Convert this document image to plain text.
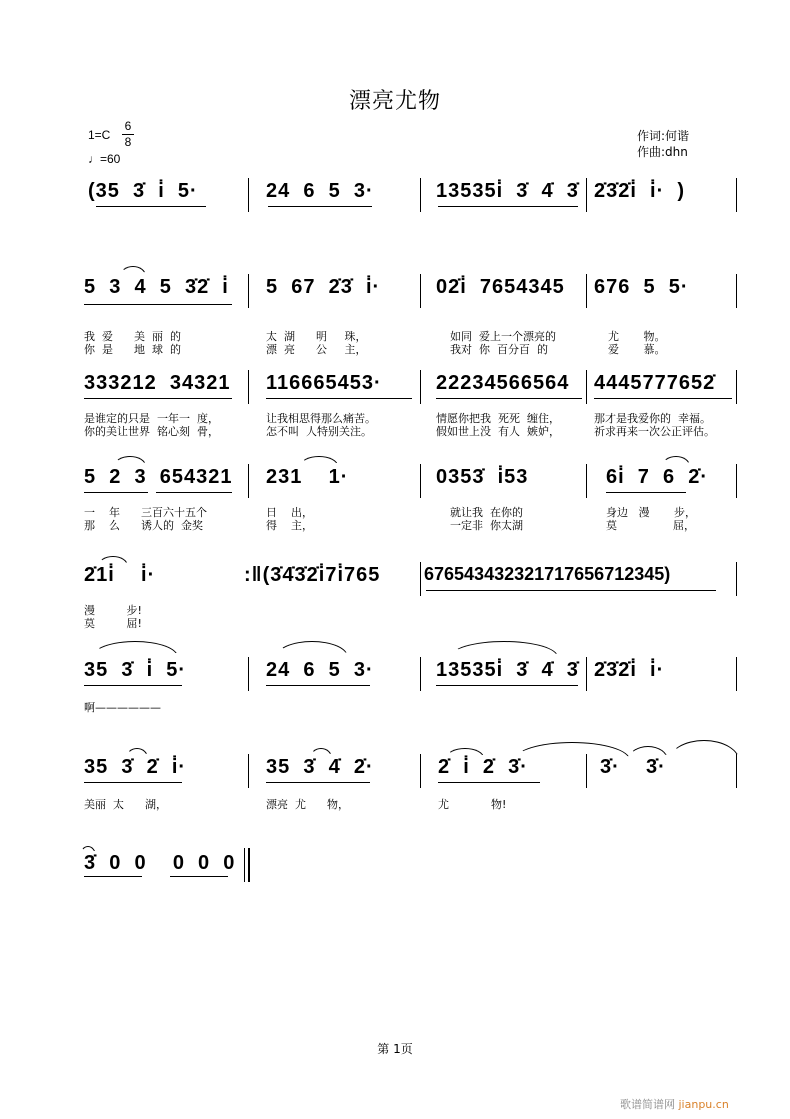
漂亮尤物
1=C
6
8
♩=60
作词:何谐
作曲:dhn
(35  3̇  i̇  5·	24  6  5  3·	13535i̇  3̇  4̇  3̇ 2̇3̇2̇i̇  i̇·  )
5  3  4  5  3̇2̇  i̇ 5  67  2̇3̇  i̇·	02̇i̇  7654345 676  5  5·
我  爱      美  丽  的	太  湖      明     珠，	如同  爱上一个漂亮的	尤       物。
你  是      地  球  的	漂  亮      公     主，	我对  你  百分百  的	爱       慕。
333212  34321 116665453·	22234566564 4445777652̇
是谁定的只是  一年一  度，	让我相思得那么痛苦。	情愿你把我  死死  缠住，	那才是我爱你的  幸福。
你的美让世界  铭心刻  骨，	怎不叫  人特别关注。	假如世上没  有人  嫉妒，	祈求再来一次公正评估。
5  2  3  654321 231    1·	0353̇  i̇53	6i̇  7  6  2̇·
一    年      三百六十五个	日    出，	就让我  在你的	身边   漫       步，
那    么      诱人的  金奖	得    主，	一定非  你太湖	莫                屈，
2̇1i̇    i̇·	:‖(3̇4̇3̇2̇i̇7i̇765 676543432321717656712345)
漫         步!
莫         屈!
35  3̇  i̇  5·	24  6  5  3·	13535i̇  3̇  4̇  3̇ 2̇3̇2̇i̇  i̇·
啊——————
35  3̇  2̇  i̇·	35  3̇  4̇  2̇·	2̇  i̇  2̇  3̇·	3̇·    3̇·
美丽  太      湖，	漂亮  尤      物，	尤            物!
3̇  0  0    0  0  0
第 1页
歌谱简谱网 jianpu.cn
